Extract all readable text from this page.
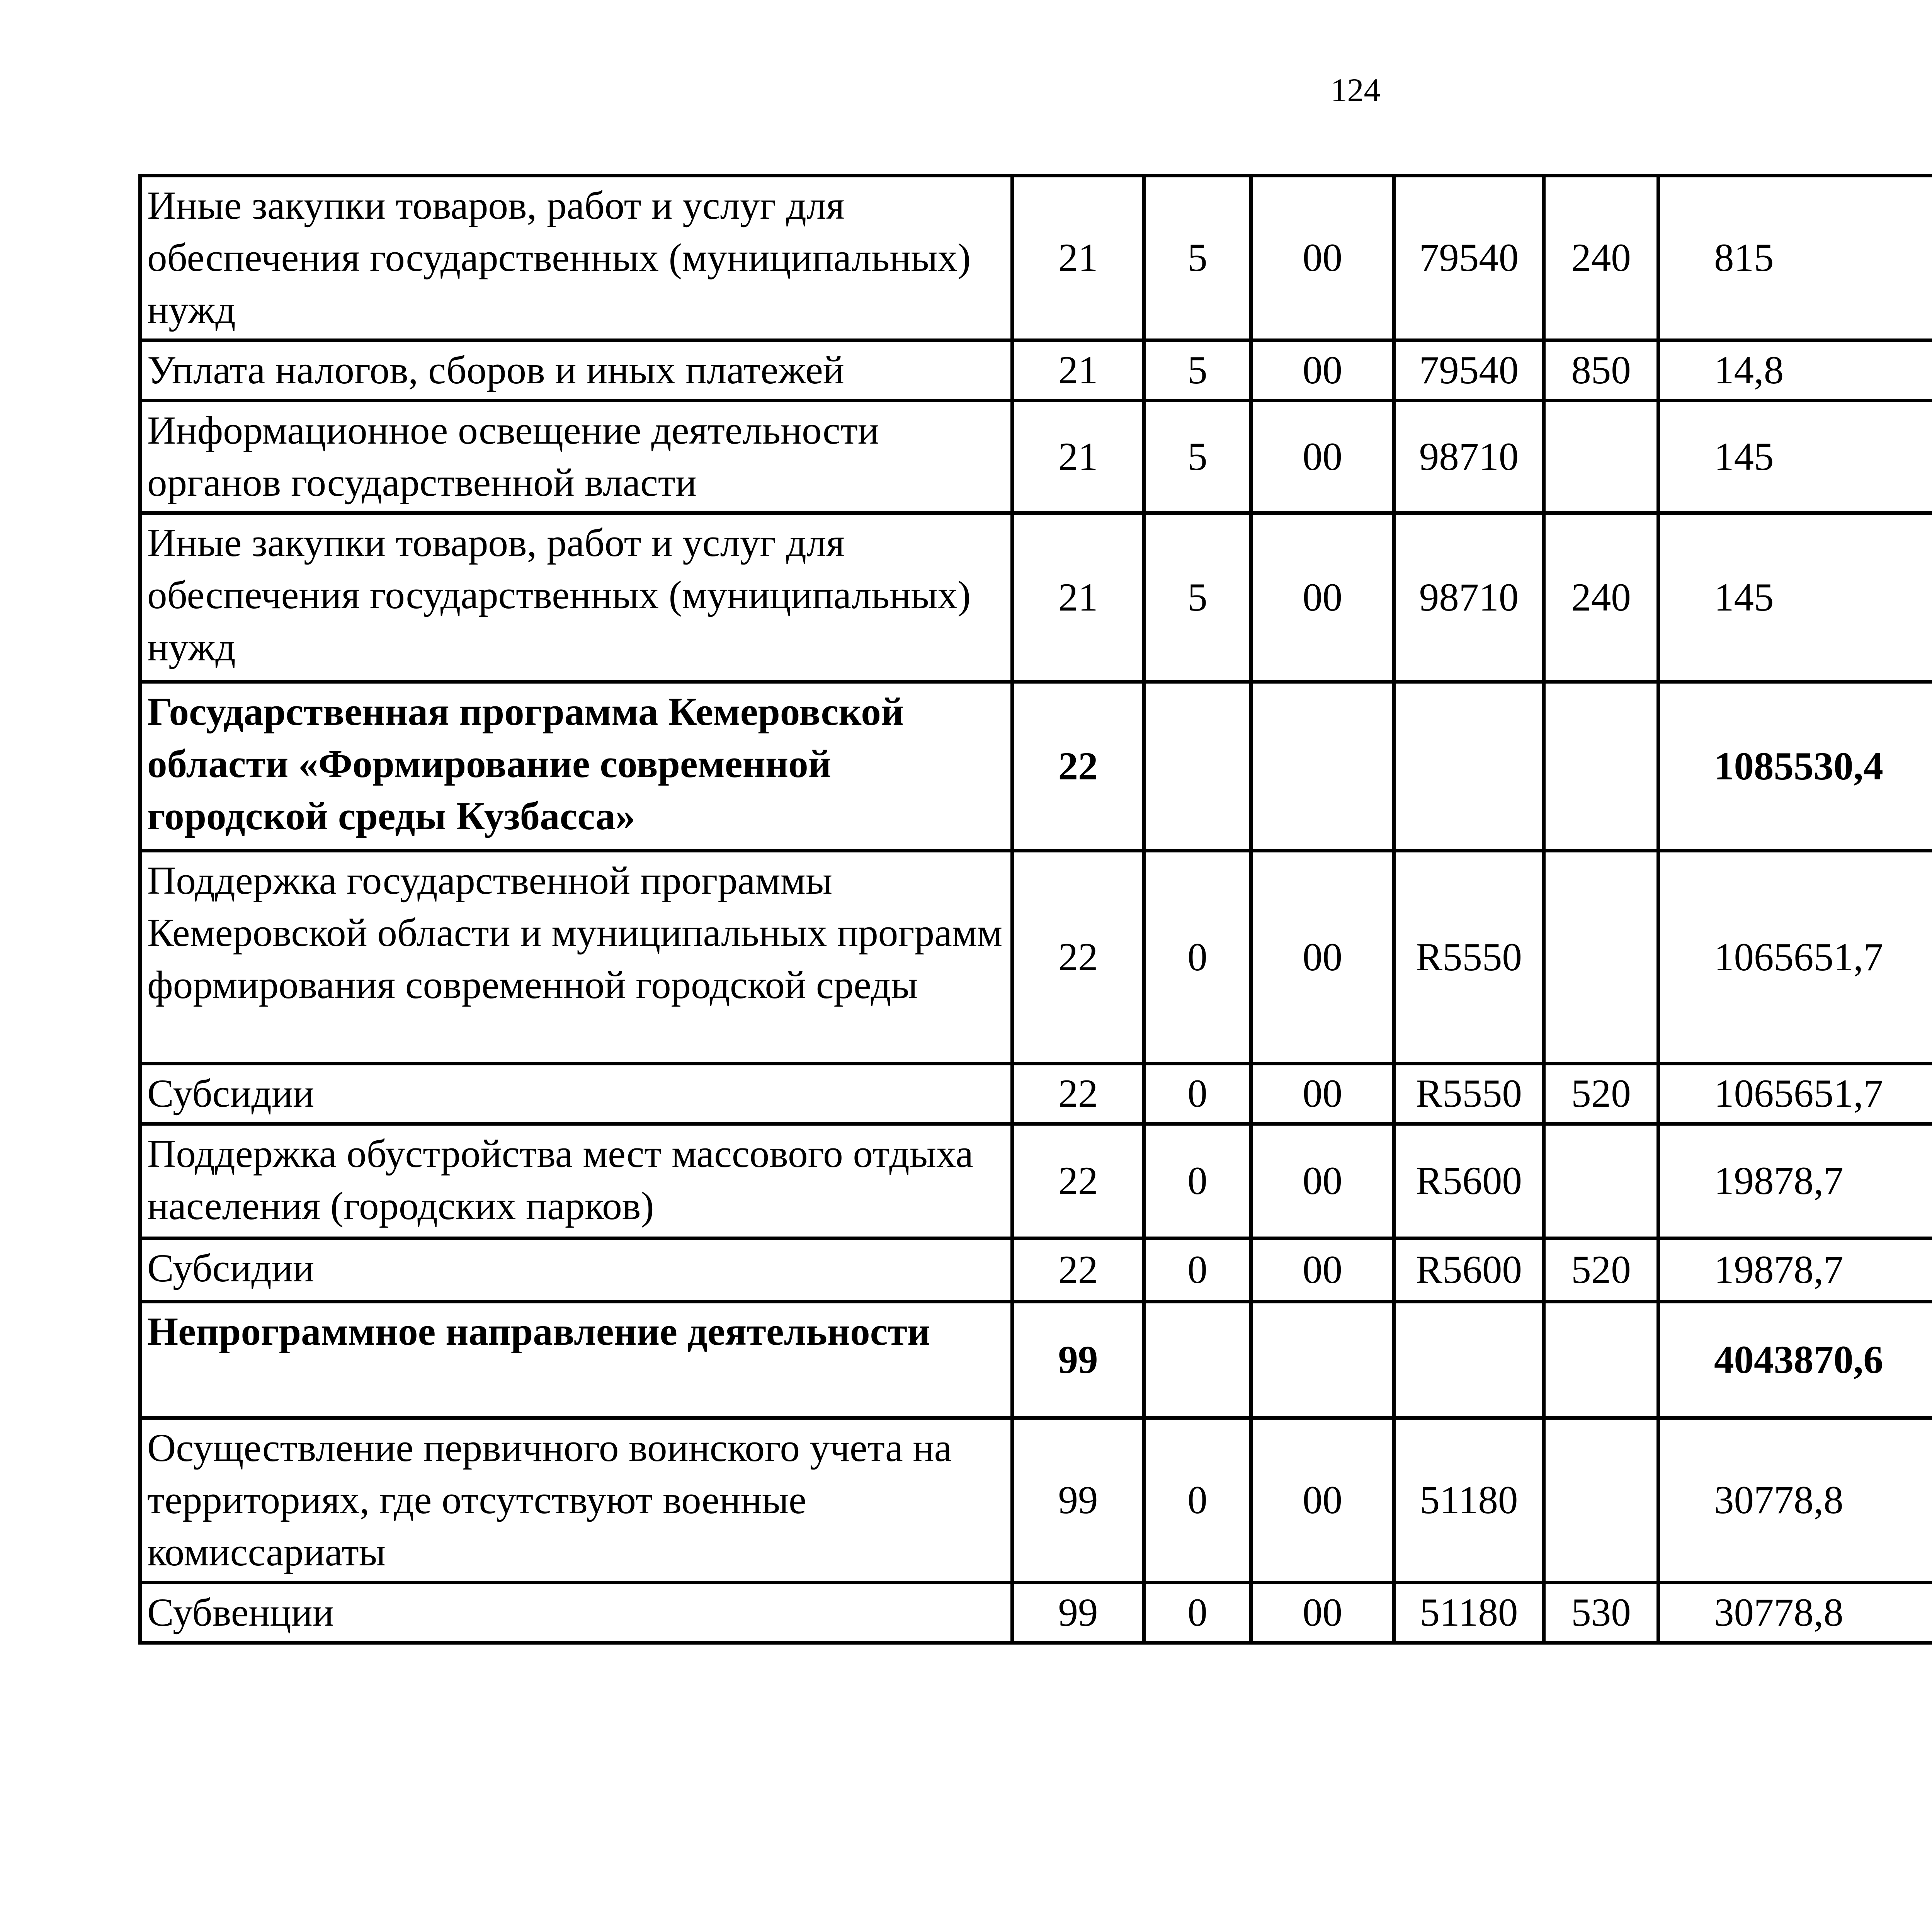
124
Иные закупки товаров, работ и услуг для обеспечения государственных (муниципальных) нужд	21	5	00	79540	240	815		
Уплата налогов, сборов и иных платежей	21	5	00	79540	850	14,8		
Информационное освещение деятельности органов государственной власти	21	5	00	98710		145		
Иные закупки товаров, работ и услуг для обеспечения государственных (муниципальных) нужд	21	5	00	98710	240	145		
Государственная программа Кемеровской области «Формирование современной городской среды Кузбасса»	22					1085530,4		
Поддержка государственной программы Кемеровской области и муниципальных программ формирования современной городской среды	22	0	00	R5550		1065651,7		
Субсидии	22	0	00	R5550	520	1065651,7		
Поддержка обустройства мест массового отдыха населения (городских парков)	22	0	00	R5600		19878,7		
Субсидии	22	0	00	R5600	520	19878,7		
Непрограммное направление деятельности	99					4043870,6		
Осуществление первичного воинского учета на территориях, где отсутствуют военные комиссариаты	99	0	00	51180		30778,8		
Субвенции	99	0	00	51180	530	30778,8		
